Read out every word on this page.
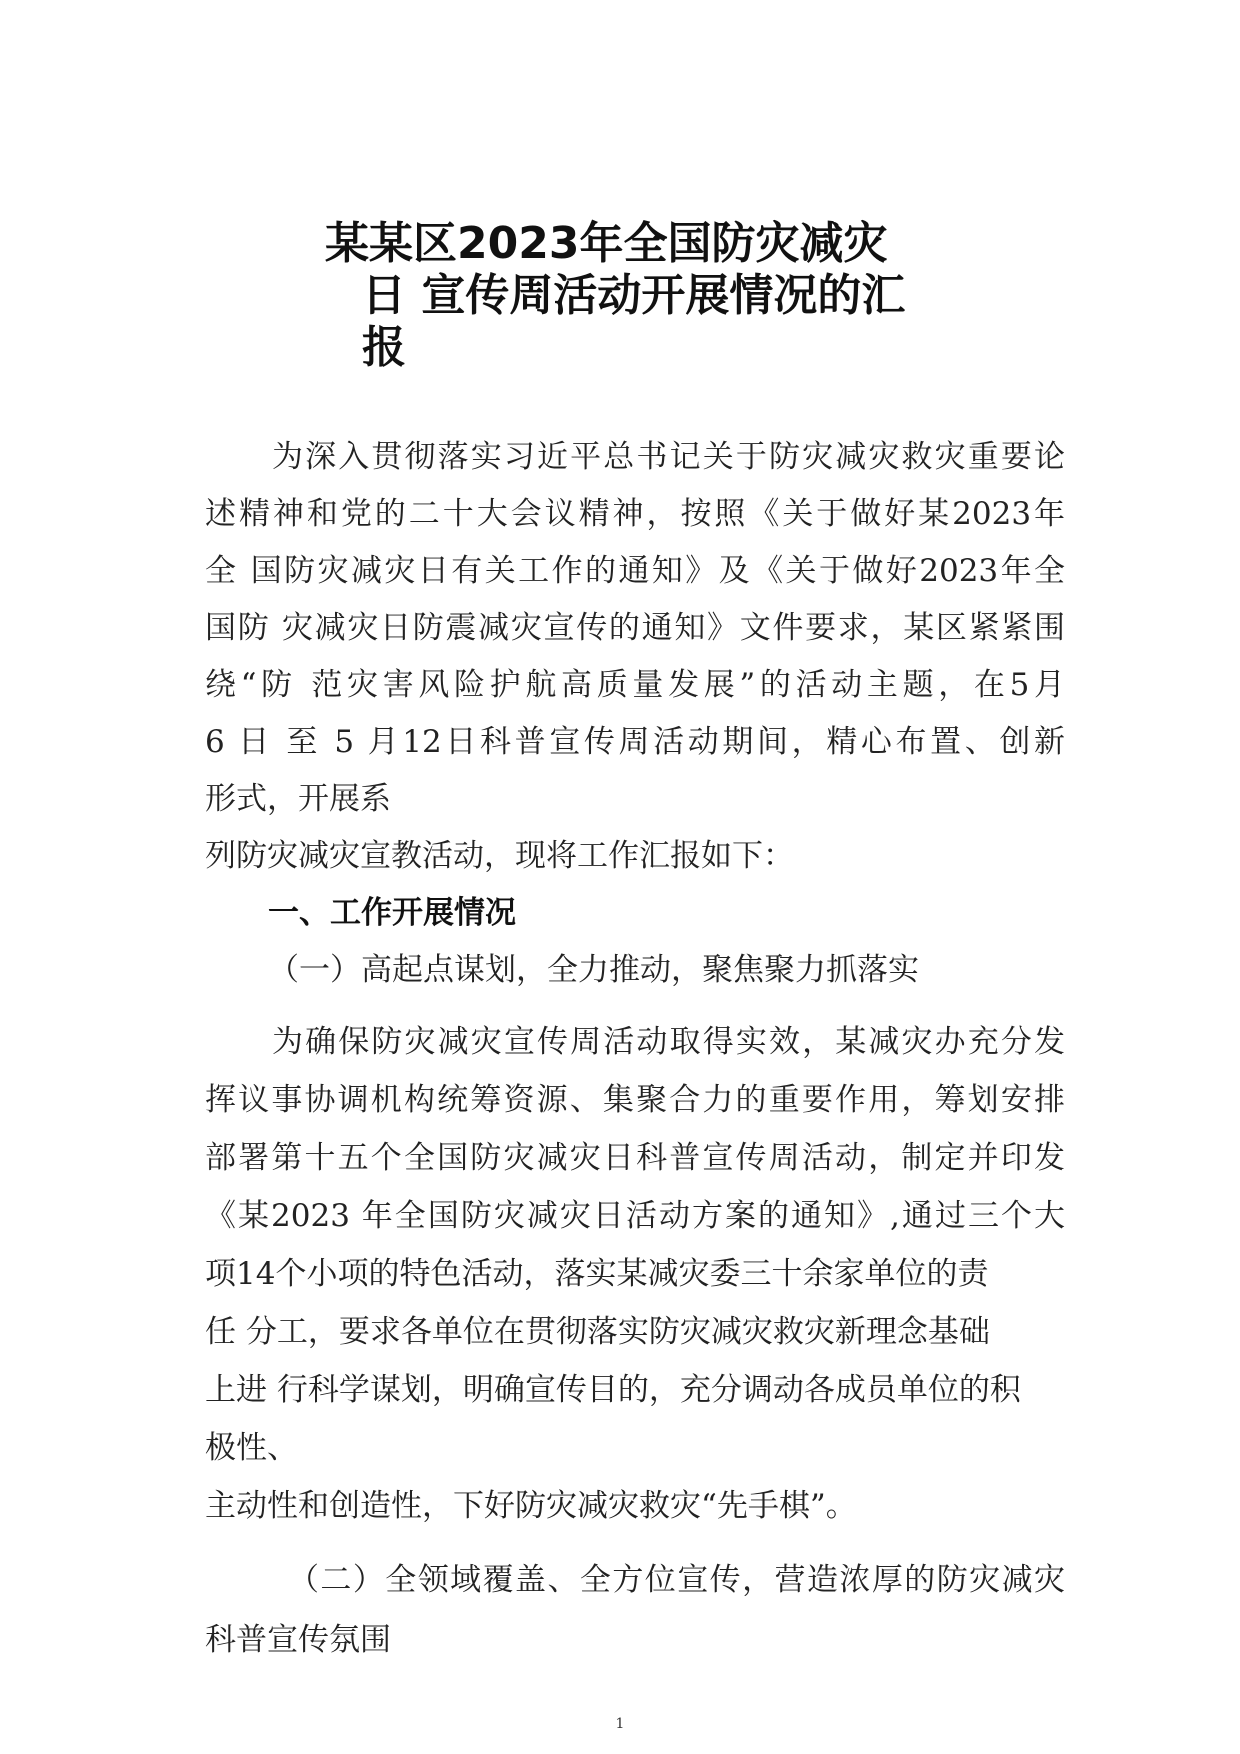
某某区2023年全国防灾减灾
日 宣传周活动开展情况的汇
报
为深入贯彻落实习近平总书记关于防灾减灾救灾重要论
述精神和党的二十大会议精神，按照《关于做好某2023年
全 国防灾减灾日有关工作的通知》及《关于做好2023年全
国防 灾减灾日防震减灾宣传的通知》文件要求，某区紧紧围
绕“防 范灾害风险护航高质量发展”的活动主题，在5月
6 日 至 5 月12日科普宣传周活动期间，精心布置、创新
形式，开展系
列防灾减灾宣教活动，现将工作汇报如下：
一、工作开展情况
（一）高起点谋划，全力推动，聚焦聚力抓落实
为确保防灾减灾宣传周活动取得实效，某减灾办充分发
挥议事协调机构统筹资源、集聚合力的重要作用，筹划安排
部署第十五个全国防灾减灾日科普宣传周活动，制定并印发
《某2023 年全国防灾减灾日活动方案的通知》,通过三个大
项14个小项的特色活动，落实某减灾委三十余家单位的责
任 分工，要求各单位在贯彻落实防灾减灾救灾新理念基础
上进 行科学谋划，明确宣传目的，充分调动各成员单位的积
极性、
主动性和创造性，下好防灾减灾救灾“先手棋”。
（二）全领域覆盖、全方位宣传，营造浓厚的防灾减灾
科普宣传氛围
1
